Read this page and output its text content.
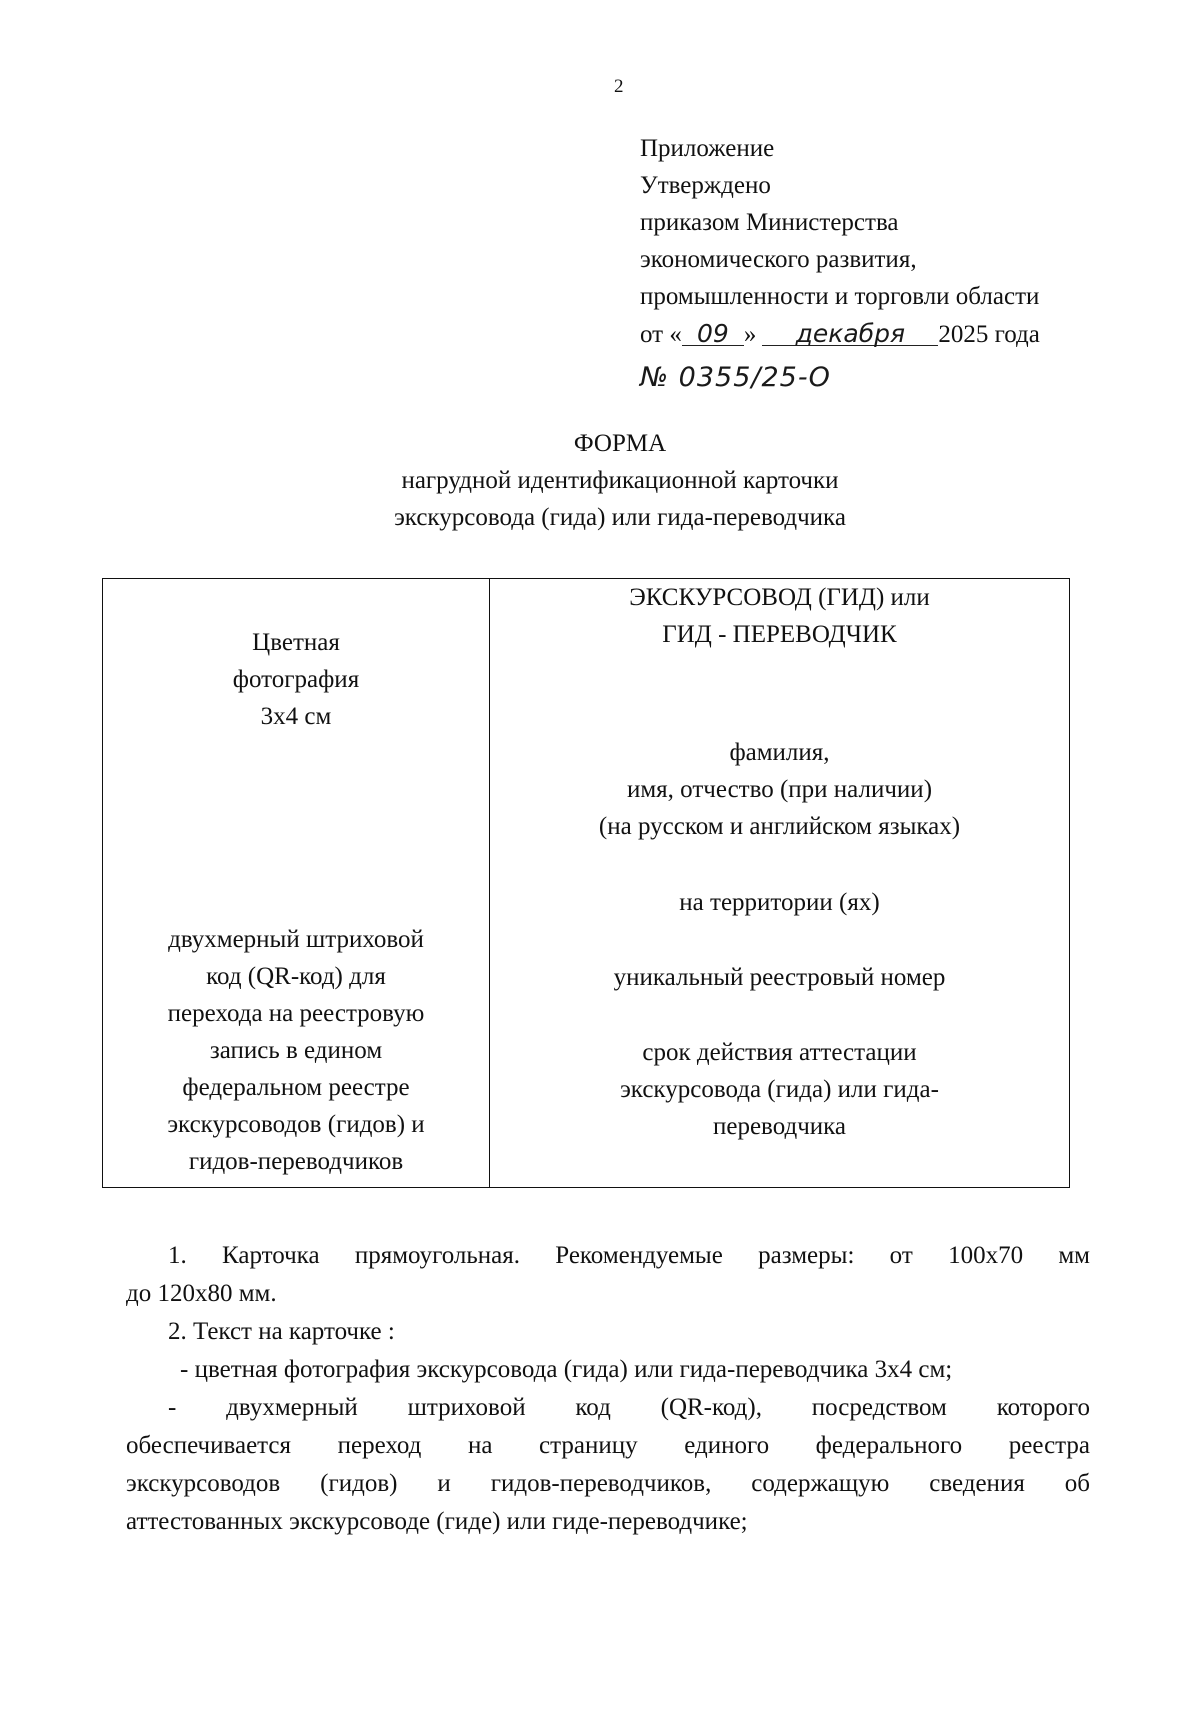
2
Приложение
Утверждено
приказом Министерства
экономического развития,
промышленности и торговли области
от « 09 » декабря 2025 года
№ 0355/25-О
ФОРМА
нагрудной идентификационной карточки
экскурсовода (гида) или гида-переводчика
Цветная
фотография
3х4 см
двухмерный штриховой
код (QR-код) для
перехода на реестровую
запись в едином
федеральном реестре
экскурсоводов (гидов) и
гидов-переводчиков
ЭКСКУРСОВОД (ГИД) или
ГИД - ПЕРЕВОДЧИК
фамилия,
имя, отчество (при наличии)
(на русском и английском языках)
на территории (ях)
уникальный реестровый номер
срок действия аттестации
экскурсовода (гида) или гида-
переводчика
1. Карточка прямоугольная. Рекомендуемые размеры: от 100х70 мм
до 120х80 мм.
2. Текст на карточке :
- цветная фотография экскурсовода (гида) или гида-переводчика 3х4 см;
- двухмерный штриховой код (QR-код), посредством которого
обеспечивается переход на страницу единого федерального реестра
экскурсоводов (гидов) и гидов-переводчиков, содержащую сведения об
аттестованных экскурсоводе (гиде) или гиде-переводчике;
